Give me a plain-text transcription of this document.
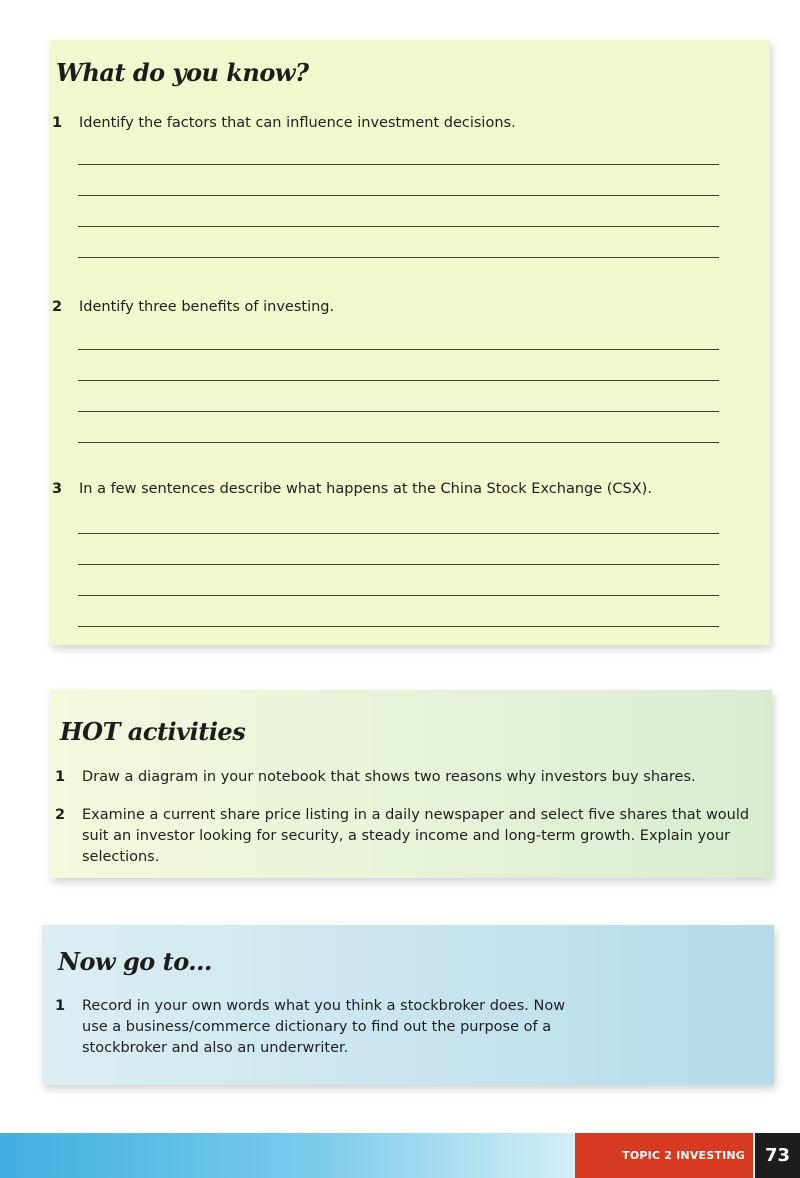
What do you know?
1	Identify the factors that can influence investment decisions.
2	Identify three benefits of investing.
3	In a few sentences describe what happens at the China Stock Exchange (CSX).
HOT activities
1	Draw a diagram in your notebook that shows two reasons why investors buy shares.
2	Examine a current share price listing in a daily newspaper and select five shares that would suit an investor looking for security, a steady income and long-term growth. Explain your selections.
Now go to...
1	Record in your own words what you think a stockbroker does. Now use a business/commerce dictionary to find out the purpose of a stockbroker and also an underwriter.
TOPIC 2 INVESTING	73
